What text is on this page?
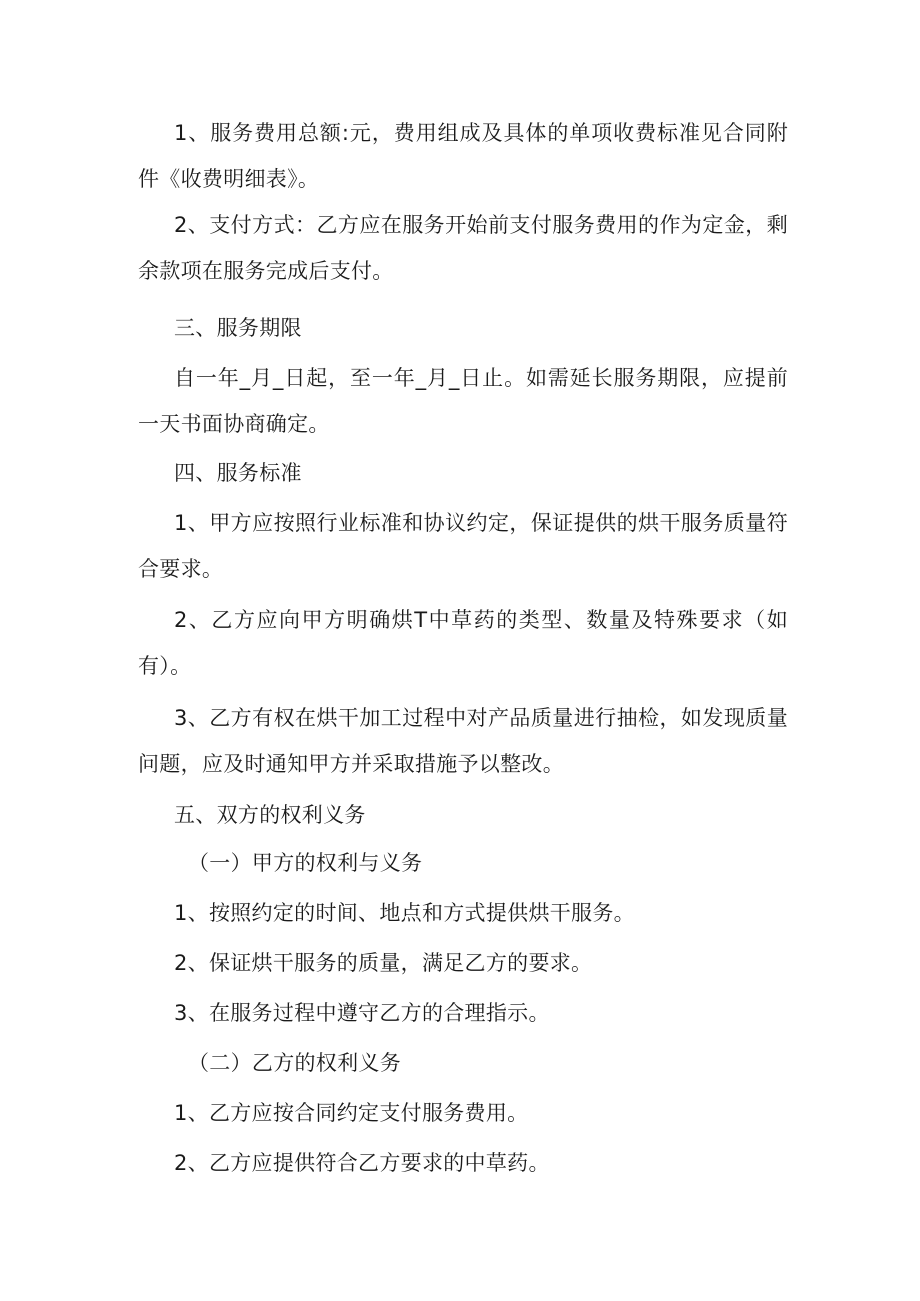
1、服务费用总额:元，费用组成及具体的单项收费标准见合同附件《收费明细表》。

2、支付方式：乙方应在服务开始前支付服务费用的作为定金，剩余款项在服务完成后支付。

三、服务期限

自一年_月_日起，至一年_月_日止。如需延长服务期限，应提前一天书面协商确定。

四、服务标准

1、甲方应按照行业标准和协议约定，保证提供的烘干服务质量符合要求。

2、乙方应向甲方明确烘T中草药的类型、数量及特殊要求（如有）。

3、乙方有权在烘干加工过程中对产品质量进行抽检，如发现质量问题，应及时通知甲方并采取措施予以整改。

五、双方的权利义务

（一）甲方的权利与义务

1、按照约定的时间、地点和方式提供烘干服务。

2、保证烘干服务的质量，满足乙方的要求。

3、在服务过程中遵守乙方的合理指示。

（二）乙方的权利义务

1、乙方应按合同约定支付服务费用。

2、乙方应提供符合乙方要求的中草药。
